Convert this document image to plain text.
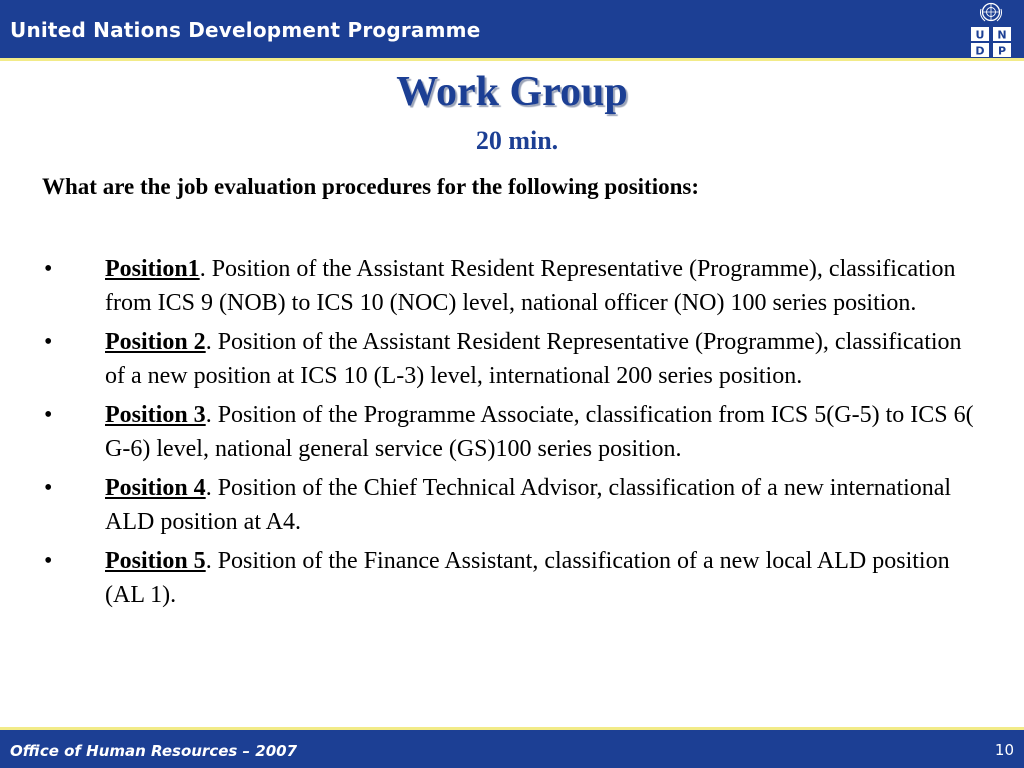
United Nations Development Programme	U N
D P
Work Group
20 min.
What are the job evaluation procedures for the following positions:
• Position1. Position of the Assistant Resident Representative (Programme), classification from ICS 9 (NOB) to ICS 10 (NOC) level, national officer (NO) 100 series position.
• Position 2. Position of the Assistant Resident Representative (Programme), classification of a new position at ICS 10 (L-3) level, international 200 series position.
• Position 3. Position of the Programme Associate, classification from ICS 5(G-5) to ICS 6( G-6) level, national general service (GS)100 series position.
• Position 4. Position of the Chief Technical Advisor, classification of a new international ALD position at A4.
• Position 5. Position of the Finance Assistant, classification of a new local ALD position (AL 1).
Office of Human Resources – 2007	10
